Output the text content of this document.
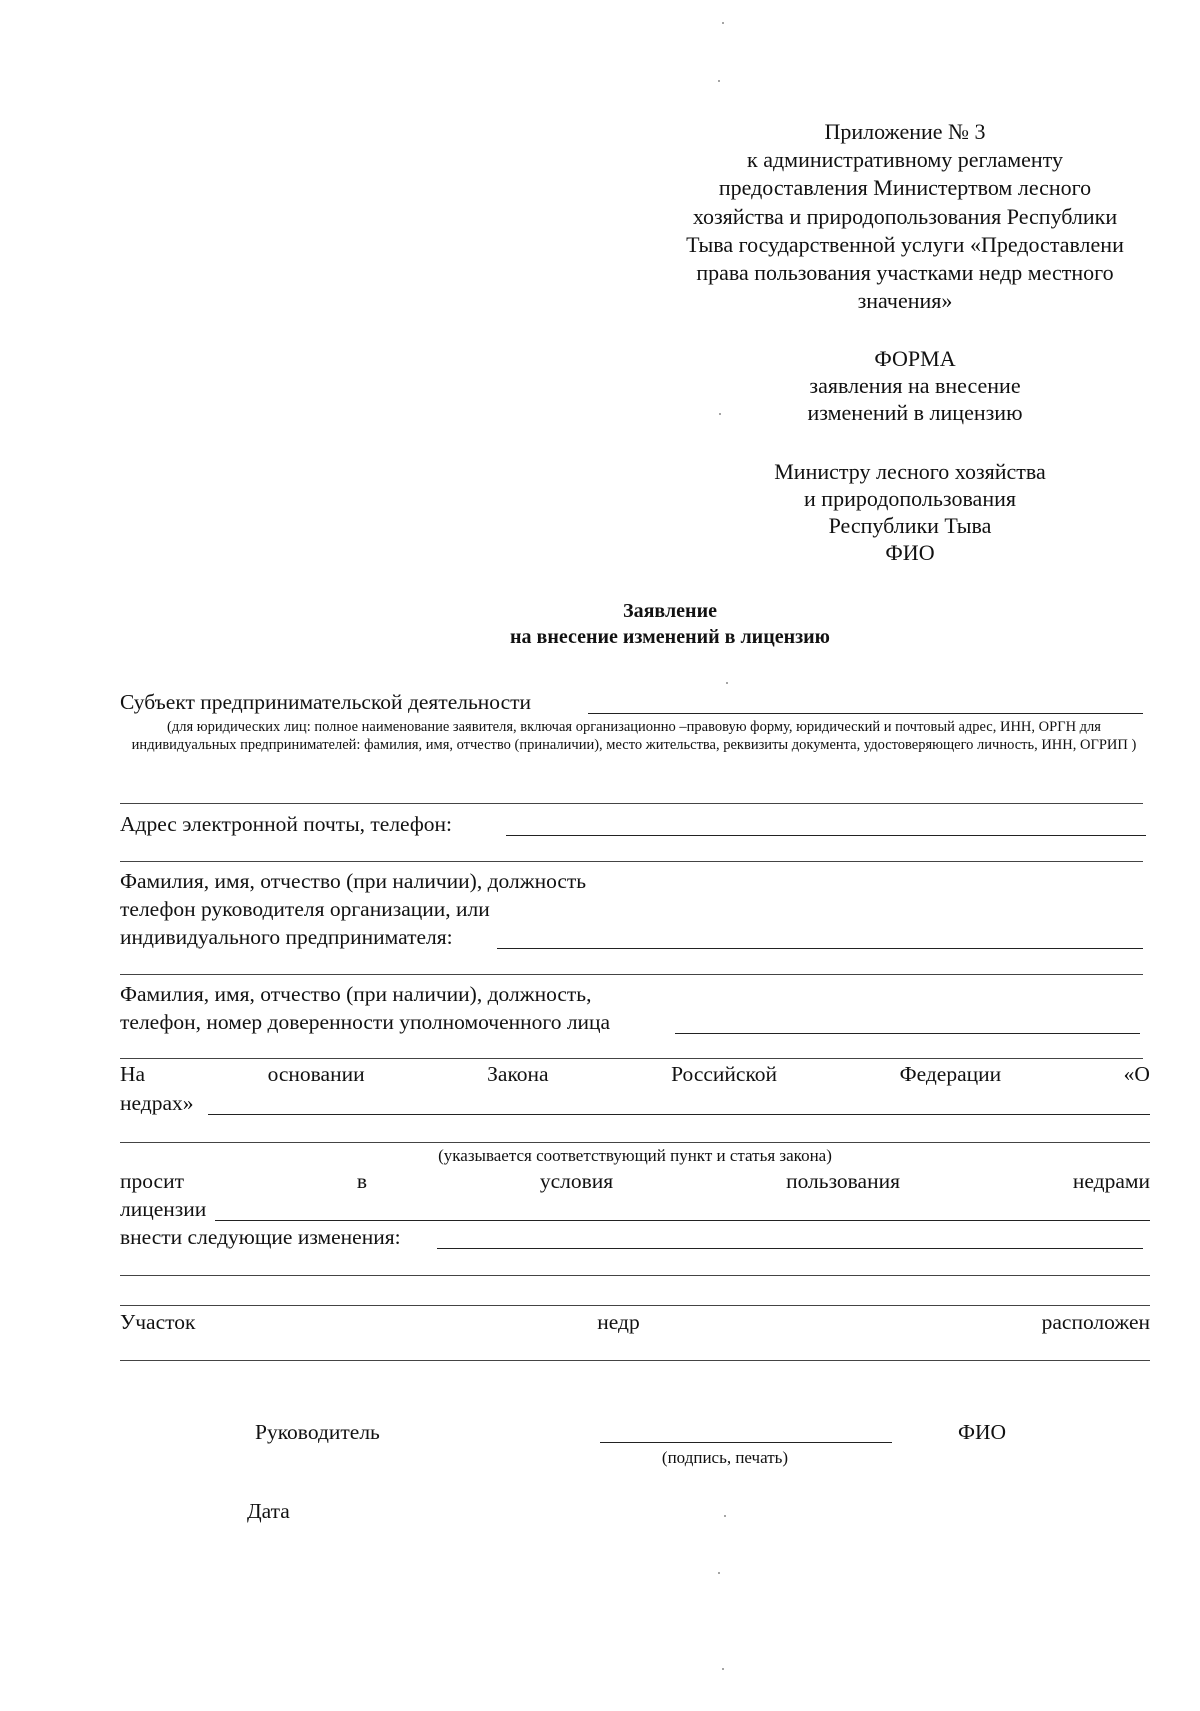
Приложение № 3
к административному регламенту
предоставления Министертвом лесного
хозяйства и природопользования Республики
Тыва государственной услуги «Предоставлени
права пользования участками недр местного
значения»
ФОРМА
заявления на внесение
изменений в лицензию
Министру лесного хозяйства
и природопользования
Республики Тыва
ФИО
Заявление
на внесение изменений в лицензию
Субъект предпринимательской деятельности
(для юридических лиц: полное наименование заявителя, включая организационно –правовую форму, юридический и почтовый адрес, ИНН, ОРГН для индивидуальных предпринимателей: фамилия, имя, отчество (приналичии), место жительства, реквизиты документа, удостоверяющего личность, ИНН, ОГРИП )
Адрес электронной почты, телефон:
Фамилия, имя, отчество (при наличии), должность
телефон руководителя организации, или
индивидуального предпринимателя:
Фамилия, имя, отчество (при наличии), должность,
телефон, номер доверенности уполномоченного лица
На	основании	Закона	Российской	Федерации	«О
недрах»
(указывается соответствующий пункт и статья закона)
просит	в	условия	пользования	недрами
лицензии
внести следующие изменения:
Участок	недр	расположен
Руководитель
(подпись, печать)
ФИО
Дата
